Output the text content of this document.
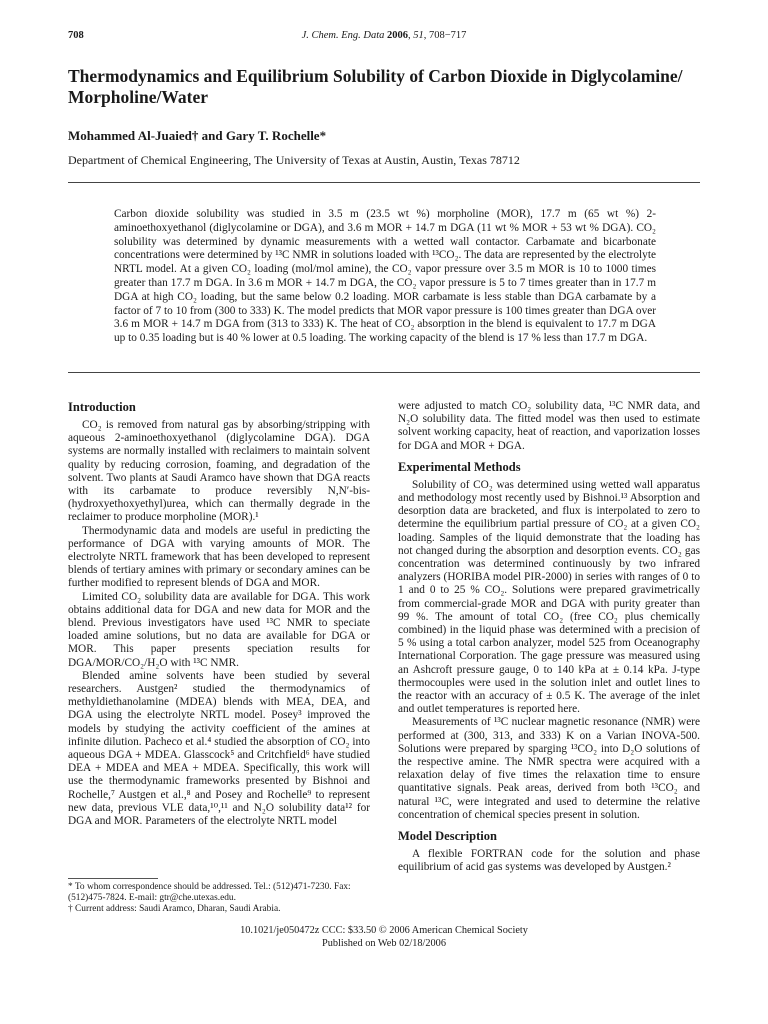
708	J. Chem. Eng. Data 2006, 51, 708−717
Thermodynamics and Equilibrium Solubility of Carbon Dioxide in Diglycolamine/ Morpholine/Water
Mohammed Al-Juaied† and Gary T. Rochelle*
Department of Chemical Engineering, The University of Texas at Austin, Austin, Texas 78712

Carbon dioxide solubility was studied in 3.5 m (23.5 wt %) morpholine (MOR), 17.7 m (65 wt %) 2-aminoethoxyethanol (diglycolamine or DGA), and 3.6 m MOR + 14.7 m DGA (11 wt % MOR + 53 wt % DGA). CO₂ solubility was determined by dynamic measurements with a wetted wall contactor. Carbamate and bicarbonate concentrations were determined by ¹³C NMR in solutions loaded with ¹³CO₂. The data are represented by the electrolyte NRTL model. At a given CO₂ loading (mol/mol amine), the CO₂ vapor pressure over 3.5 m MOR is 10 to 1000 times greater than 17.7 m DGA. In 3.6 m MOR + 14.7 m DGA, the CO₂ vapor pressure is 5 to 7 times greater than in 17.7 m DGA at high CO₂ loading, but the same below 0.2 loading. MOR carbamate is less stable than DGA carbamate by a factor of 7 to 10 from (300 to 333) K. The model predicts that MOR vapor pressure is 100 times greater than DGA over 3.6 m MOR + 14.7 m DGA from (313 to 333) K. The heat of CO₂ absorption in the blend is equivalent to 17.7 m DGA up to 0.35 loading but is 40 % lower at 0.5 loading. The working capacity of the blend is 17 % less than 17.7 m DGA.

Introduction

CO₂ is removed from natural gas by absorbing/stripping with aqueous 2-aminoethoxyethanol (diglycolamine DGA). DGA systems are normally installed with reclaimers to maintain solvent quality by reducing corrosion, foaming, and degradation of the solvent. Two plants at Saudi Aramco have shown that DGA reacts with its carbamate to produce reversibly N,N′-bis-(hydroxyethoxyethyl)urea, which can thermally degrade in the reclaimer to produce morpholine (MOR).¹

Thermodynamic data and models are useful in predicting the performance of DGA with varying amounts of MOR. The electrolyte NRTL framework that has been developed to represent blends of tertiary amines with primary or secondary amines can be further modified to represent blends of DGA and MOR.

Limited CO₂ solubility data are available for DGA. This work obtains additional data for DGA and new data for MOR and the blend. Previous investigators have used ¹³C NMR to speciate loaded amine solutions, but no data are available for DGA or MOR. This paper presents speciation results for DGA/MOR/CO₂/H₂O with ¹³C NMR.

Blended amine solvents have been studied by several researchers. Austgen² studied the thermodynamics of methyldiethanolamine (MDEA) blends with MEA, DEA, and DGA using the electrolyte NRTL model. Posey³ improved the models by studying the activity coefficient of the amines at infinite dilution. Pacheco et al.⁴ studied the absorption of CO₂ into aqueous DGA + MDEA. Glasscock⁵ and Critchfield⁶ have studied DEA + MDEA and MEA + MDEA. Specifically, this work will use the thermodynamic frameworks presented by Bishnoi and Rochelle,⁷ Austgen et al.,⁸ and Posey and Rochelle⁹ to represent new data, previous VLE data,¹⁰,¹¹ and N₂O solubility data¹² for DGA and MOR. Parameters of the electrolyte NRTL model

were adjusted to match CO₂ solubility data, ¹³C NMR data, and N₂O solubility data. The fitted model was then used to estimate solvent working capacity, heat of reaction, and vaporization losses for DGA and MOR + DGA.

Experimental Methods

Solubility of CO₂ was determined using wetted wall apparatus and methodology most recently used by Bishnoi.¹³ Absorption and desorption data are bracketed, and flux is interpolated to zero to determine the equilibrium partial pressure of CO₂ at a given CO₂ loading. Samples of the liquid demonstrate that the loading has not changed during the absorption and desorption events. CO₂ gas concentration was determined continuously by two infrared analyzers (HORIBA model PIR-2000) in series with ranges of 0 to 1 and 0 to 25 % CO₂. Solutions were prepared gravimetrically from commercial-grade MOR and DGA with purity greater than 99 %. The amount of total CO₂ (free CO₂ plus chemically combined) in the liquid phase was determined with a precision of 5 % using a total carbon analyzer, model 525 from Oceanography International Corporation. The gage pressure was measured using an Ashcroft pressure gauge, 0 to 140 kPa at ± 0.14 kPa. J-type thermocouples were used in the solution inlet and outlet lines to the reactor with an accuracy of ± 0.5 K. The average of the inlet and outlet temperatures is reported here.

Measurements of ¹³C nuclear magnetic resonance (NMR) were performed at (300, 313, and 333) K on a Varian INOVA-500. Solutions were prepared by sparging ¹³CO₂ into D₂O solutions of the respective amine. The NMR spectra were acquired with a relaxation delay of five times the relaxation time to ensure quantitative signals. Peak areas, derived from both ¹³CO₂ and natural ¹³C, were integrated and used to determine the relative concentration of chemical species present in solution.

Model Description

A flexible FORTRAN code for the solution and phase equilibrium of acid gas systems was developed by Austgen.²

* To whom correspondence should be addressed. Tel.: (512)471-7230. Fax: (512)475-7824. E-mail: gtr@che.utexas.edu.
† Current address: Saudi Aramco, Dharan, Saudi Arabia.
10.1021/je050472z CCC: $33.50 © 2006 American Chemical Society
Published on Web 02/18/2006
